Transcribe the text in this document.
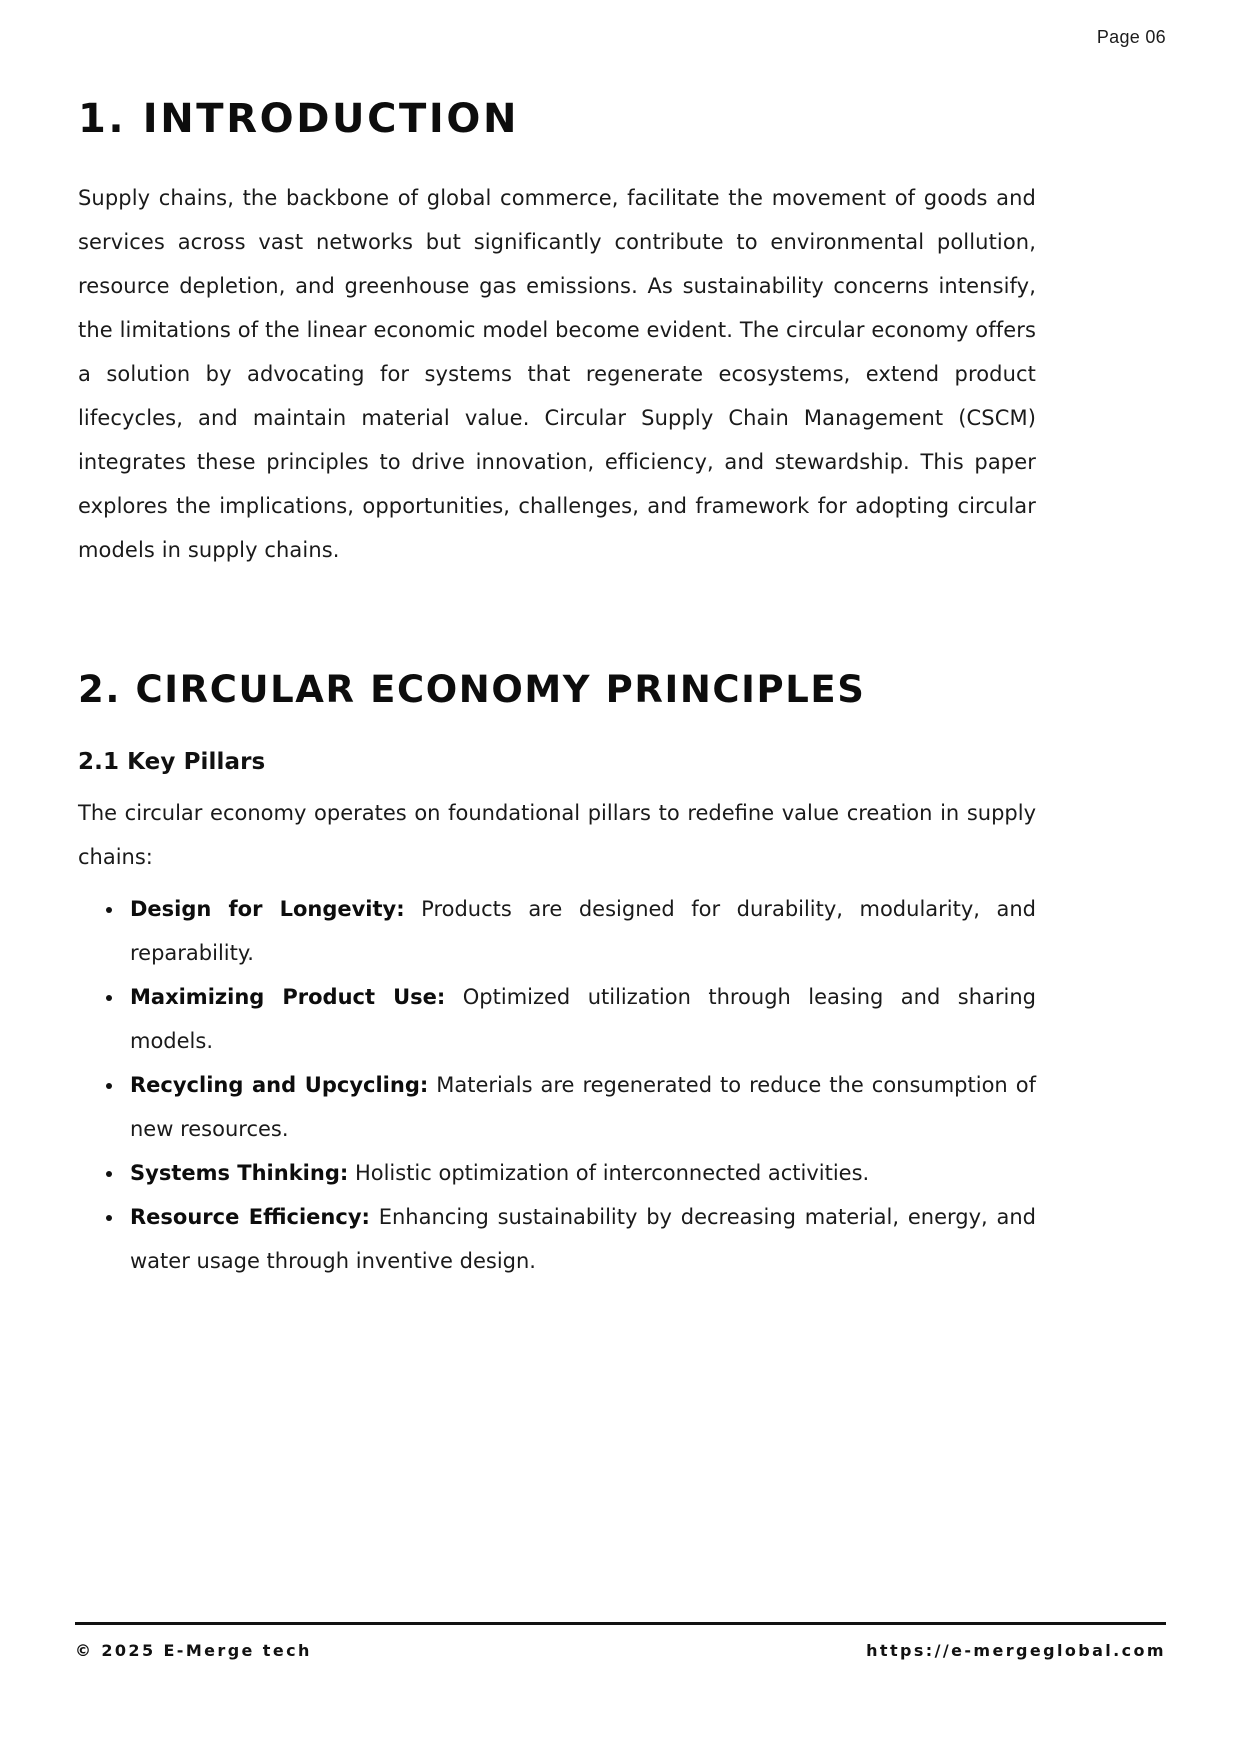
Page 06
1. INTRODUCTION

Supply chains, the backbone of global commerce, facilitate the movement of goods and services across vast networks but significantly contribute to environmental pollution, resource depletion, and greenhouse gas emissions. As sustainability concerns intensify, the limitations of the linear economic model become evident. The circular economy offers a solution by advocating for systems that regenerate ecosystems, extend product lifecycles, and maintain material value. Circular Supply Chain Management (CSCM) integrates these principles to drive innovation, efficiency, and stewardship. This paper explores the implications, opportunities, challenges, and framework for adopting circular models in supply chains.

2. CIRCULAR ECONOMY PRINCIPLES
2.1 Key Pillars

The circular economy operates on foundational pillars to redefine value creation in supply chains:

Design for Longevity: Products are designed for durability, modularity, and reparability.
Maximizing Product Use: Optimized utilization through leasing and sharing models.
Recycling and Upcycling: Materials are regenerated to reduce the consumption of new resources.
Systems Thinking: Holistic optimization of interconnected activities.
Resource Efficiency: Enhancing sustainability by decreasing material, energy, and water usage through inventive design.
© 2025 E-Merge tech	https://e-mergeglobal.com
